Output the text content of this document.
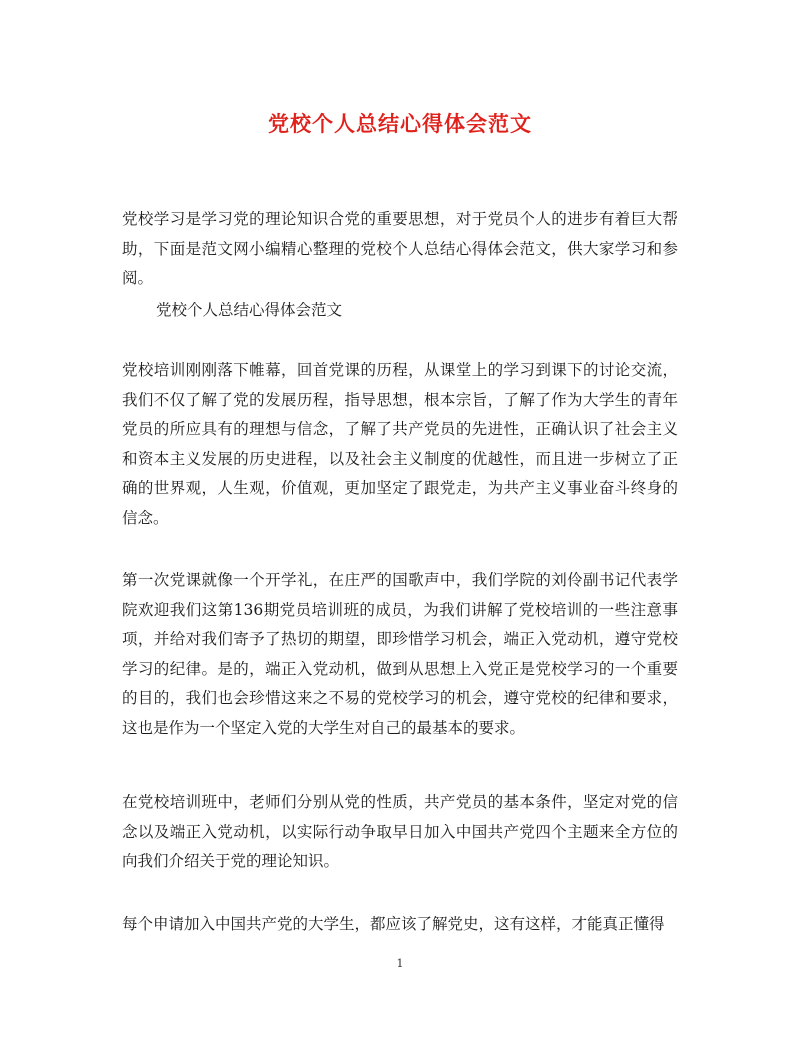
党校个人总结心得体会范文

党校学习是学习党的理论知识合党的重要思想，对于党员个人的进步有着巨大帮助，下面是范文网小编精心整理的党校个人总结心得体会范文，供大家学习和参阅。

党校个人总结心得体会范文

党校培训刚刚落下帷幕，回首党课的历程，从课堂上的学习到课下的讨论交流，我们不仅了解了党的发展历程，指导思想，根本宗旨，了解了作为大学生的青年党员的所应具有的理想与信念，了解了共产党员的先进性，正确认识了社会主义和资本主义发展的历史进程，以及社会主义制度的优越性，而且进一步树立了正确的世界观，人生观，价值观，更加坚定了跟党走，为共产主义事业奋斗终身的信念。

第一次党课就像一个开学礼，在庄严的国歌声中，我们学院的刘伶副书记代表学院欢迎我们这第136期党员培训班的成员，为我们讲解了党校培训的一些注意事项，并给对我们寄予了热切的期望，即珍惜学习机会，端正入党动机，遵守党校学习的纪律。是的，端正入党动机，做到从思想上入党正是党校学习的一个重要的目的，我们也会珍惜这来之不易的党校学习的机会，遵守党校的纪律和要求，这也是作为一个坚定入党的大学生对自己的最基本的要求。

在党校培训班中，老师们分别从党的性质，共产党员的基本条件，坚定对党的信念以及端正入党动机，以实际行动争取早日加入中国共产党四个主题来全方位的向我们介绍关于党的理论知识。

每个申请加入中国共产党的大学生，都应该了解党史，这有这样，才能真正懂得

1
